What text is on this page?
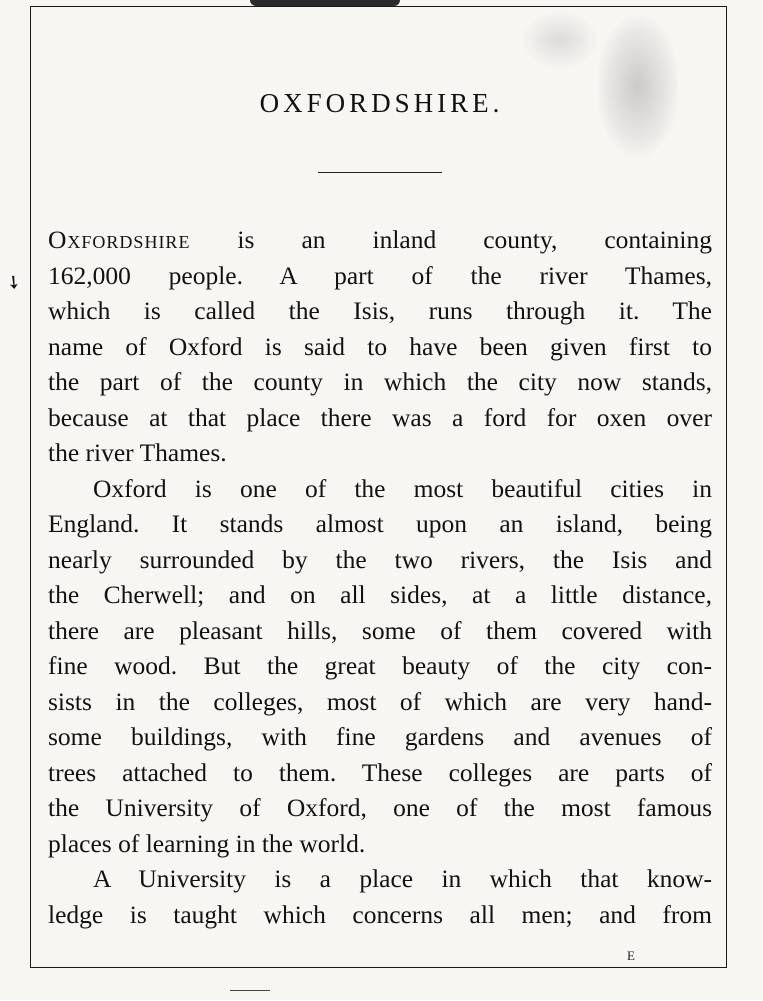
➘
OXFORDSHIRE.
Oxfordshire is an inland county, containing
162,000 people. A part of the river Thames,
which is called the Isis, runs through it. The
name of Oxford is said to have been given first to
the part of the county in which the city now stands,
because at that place there was a ford for oxen over
the river Thames.
Oxford is one of the most beautiful cities in
England. It stands almost upon an island, being
nearly surrounded by the two rivers, the Isis and
the Cherwell; and on all sides, at a little distance,
there are pleasant hills, some of them covered with
fine wood. But the great beauty of the city con-
sists in the colleges, most of which are very hand-
some buildings, with fine gardens and avenues of
trees attached to them. These colleges are parts of
the University of Oxford, one of the most famous
places of learning in the world.
A University is a place in which that know-
ledge is taught which concerns all men; and from
E
